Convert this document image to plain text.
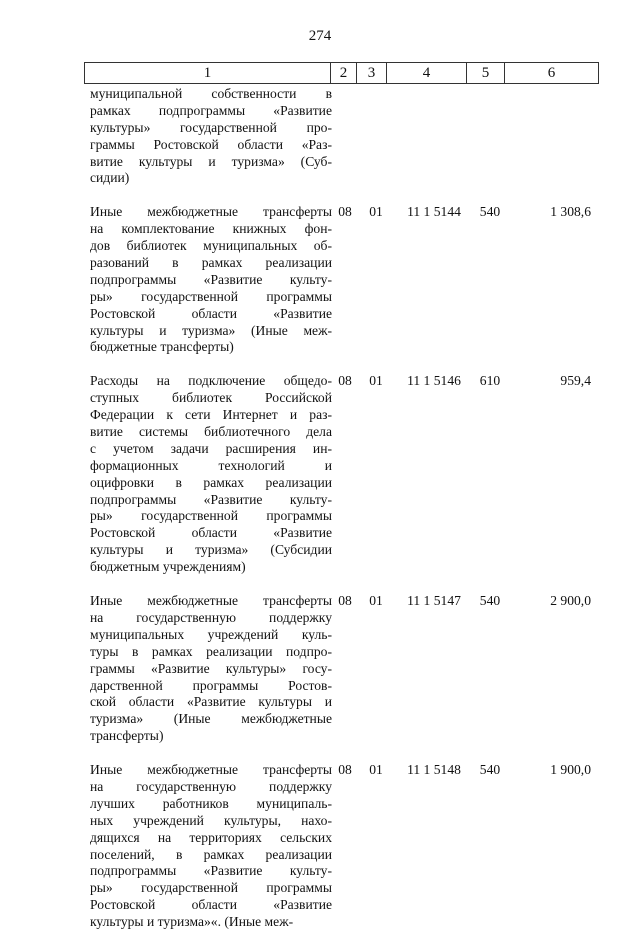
274
1	2	3	4	5	6
муниципальной собственности в
рамках подпрограммы «Развитие
культуры» государственной про-
граммы Ростовской области «Раз-
витие культуры и туризма» (Суб-
сидии)
Иные межбюджетные трансферты
на комплектование книжных фон-
дов библиотек муниципальных об-
разований в рамках реализации
подпрограммы «Развитие культу-
ры» государственной программы
Ростовской области «Развитие
культуры и туризма» (Иные меж-
бюджетные трансферты)
08	01	11 1 5144	540	1 308,6
Расходы на подключение общедо-
ступных библиотек Российской
Федерации к сети Интернет и раз-
витие системы библиотечного дела
с учетом задачи расширения ин-
формационных технологий и
оцифровки в рамках реализации
подпрограммы «Развитие культу-
ры» государственной программы
Ростовской области «Развитие
культуры и туризма» (Субсидии
бюджетным учреждениям)
08	01	11 1 5146	610	959,4
Иные межбюджетные трансферты
на государственную поддержку
муниципальных учреждений куль-
туры в рамках реализации подпро-
граммы «Развитие культуры» госу-
дарственной программы Ростов-
ской области «Развитие культуры и
туризма» (Иные межбюджетные
трансферты)
08	01	11 1 5147	540	2 900,0
Иные межбюджетные трансферты
на государственную поддержку
лучших работников муниципаль-
ных учреждений культуры, нахо-
дящихся на территориях сельских
поселений, в рамках реализации
подпрограммы «Развитие культу-
ры» государственной программы
Ростовской области «Развитие
культуры и туризма»«. (Иные меж-
08	01	11 1 5148	540	1 900,0
